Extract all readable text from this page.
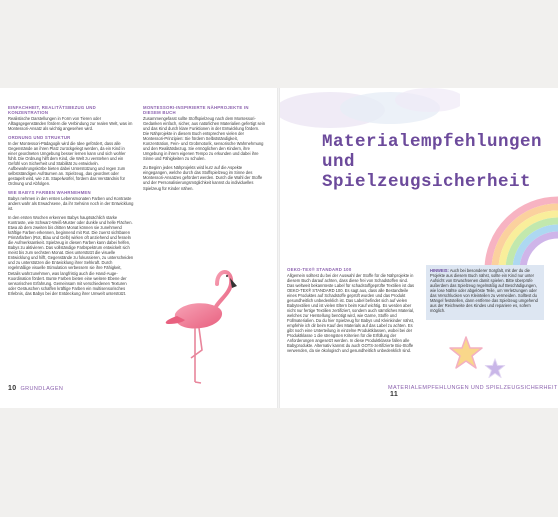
EINFACHHEIT, REALITÄTSBEZUG UND KONZENTRATION

Realistische Darstellungen in Form von Tieren oder Alltagsgegenständen fördern die Verbindung zur realen Welt, was im Montessori-Ansatz als wichtig angesehen wird.

ORDNUNG UND STRUKTUR

In der Montessori-Pädagogik wird die Idee gefördert, dass alle Gegenstände an ihren Platz zurückgelegt werden, da ein Kind in einer geordneten Umgebung besser lernen kann und sich wohler fühlt. Die Ordnung hilft dem Kind, die Welt zu verstehen und ein Gefühl von Sicherheit und Stabilität zu entwickeln. Aufbewahrungskörbe bieten dabei Unterstützung und regen zum selbstständigen Aufräumen an. Spielzeug, das geordnet oder gestapelt wird, wie z.B. Stapelwürfel, fördern das Verständnis für Ordnung und Abfolgen.

WIE BABYS FARBEN WAHRNEHMEN

Babys nehmen in den ersten Lebensmonaten Farben und Kontraste anders wahr als Erwachsene, da ihr Sehsinn noch in der Entwicklung ist.

In den ersten Wochen erkennen Babys hauptsächlich starke Kontraste, wie Schwarz-Weiß-Muster oder dunkle und helle Flächen. Etwa ab dem zweiten bis dritten Monat können sie zunehmend kräftige Farben erkennen, beginnend mit Rot. Die zuerst sichtbaren Primärfarben (Rot, Blau und Gelb) wirken oft anziehend und fesseln die Aufmerksamkeit. Spielzeug in diesen Farben kann dabei helfen, Babys zu aktivieren. Das vollständige Farbspektrum entwickelt sich meist bis zum sechsten Monat. Dies unterstützt die visuelle Entwicklung und hilft, Gegenstände zu fokussieren, zu unterscheiden und zu unterstützen die Entwicklung ihrer Sehkraft. Durch regelmäßige visuelle Stimulation verbessern sie ihre Fähigkeit, Details wahrzunehmen, was langfristig auch die Hand-Auge-Koordination fördert. Bunte Farben bieten eine weitere Ebene der sensorischen Erfahrung. Gemeinsam mit verschiedenen Texturen oder Geräuschen schaffen kräftige Farben ein multisensorisches Erlebnis, das Babys bei der Entdeckung ihrer Umwelt unterstützt.

MONTESSORI-INSPIRIERTE NÄHPROJEKTE IN DIESEM BUCH

Zusammengefasst sollte Stoffspielzeug nach dem Montessori-Gedanken einfach, sicher, aus natürlichen Materialien gefertigt sein und das Kind durch klare Funktionen in der Entwicklung fördern. Die Nähprojekte in diesem Buch entsprechen vielen der Montessori-Prinzipien: Sie fördern Selbstständigkeit, Konzentration, Fein- und Grobmotorik, sensorische Wahrnehmung und den Realitätsbezug. Sie ermöglichen den Kindern, ihre Umgebung in ihrem eigenen Tempo zu erkunden und dabei ihre Sinne und Fähigkeiten zu schulen.

Zu Beginn jedes Nähprojekts wird kurz auf die Aspekte eingegangen, welche durch das Stoffspielzeug im Sinne des Montessori-Ansatzes gefördert werden. Durch die Wahl der Stoffe und der Personalisierungsmöglichkeit kannst du individuelles Spielzeug für Kinder nähen.

10 GRUNDLAGEN
Materialempfehlungen und Spielzeugsicherheit
OEKO-TEX® STANDARD 100

Allgemein solltest du bei der Auswahl der Stoffe für die Nähprojekte in diesem Buch darauf achten, dass diese frei von Schadstoffen sind. Das weltweit bekannteste Label für schadstoffgeprüfte Textilien ist das OEKO-TEX® STANDARD 100. Es sagt aus, dass alle Bestandteile eines Produktes auf Schadstoffe geprüft wurden und das Produkt gesundheitlich unbedenklich ist. Das Label befindet sich auf vielen Babytextilien und ist vielen Eltern beim Kauf wichtig. Es werden aber nicht nur fertige Textilien zertifiziert, sondern auch sämtliches Material, welches zur Herstellung benötigt wird, wie Garne, Stoffe und Füllmaterialien. Da du hier Spielzeug für Babys und Kleinkinder nähst, empfehle ich dir beim Kauf des Materials auf das Label zu achten. Es gibt noch eine Unterteilung in einzelne Produktklassen, wobei bei der Produktklasse 1 die strengsten Kriterien für die Erfüllung der Anforderungen angesetzt werden. In diese Produktklasse fallen alle Babyprodukte. Alternativ kannst du auch GOTS-zertifizierte Bio-Stoffe verwenden, da sie ökologisch und gesundheitlich unbedenklich sind.

HINWEIS: Auch bei besonderer Sorgfalt, mit der du die Projekte aus diesem Buch nähst, sollte ein Kind nur unter Aufsicht von Erwachsenen damit spielen. Bitte überprüfe außerdem das Spielzeug regelmäßig auf Beschädigungen, wie lose Nähte oder abgelöste Teile, um Verletzungen oder das Verschlucken von Kleinteilen zu vermeiden. Solltest du Mängel feststellen, dann entferne das Spielzeug umgehend aus der Reichweite des Kindes und repariere es, sofern möglich.
MATERIALEMPFEHLUNGEN UND SPIELZEUGSICHERHEIT  11
